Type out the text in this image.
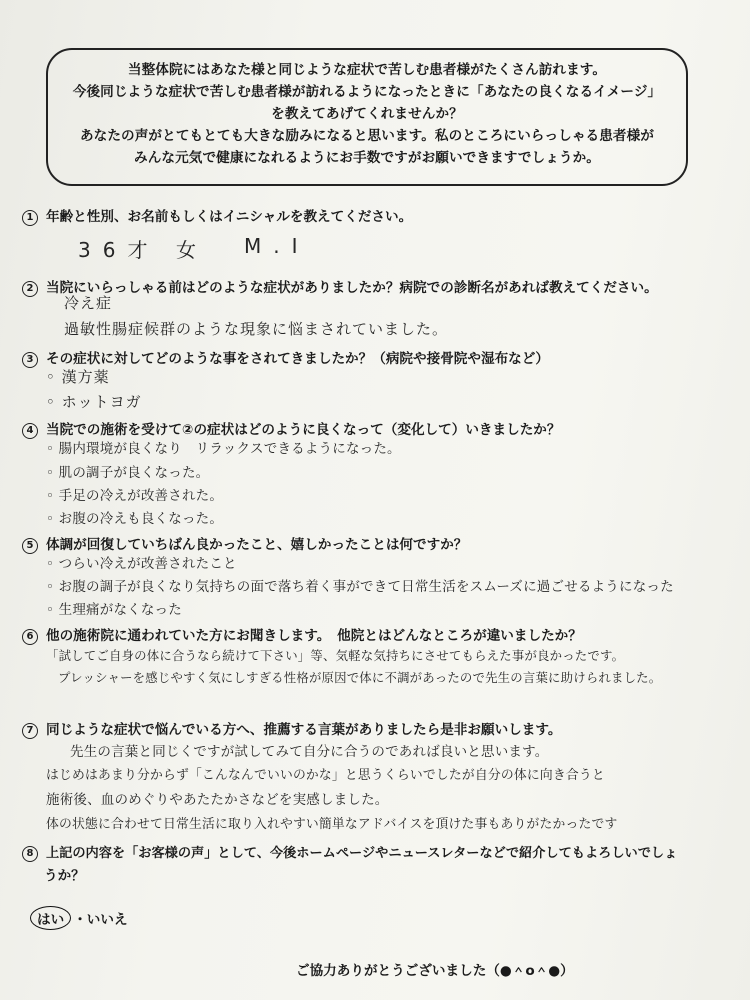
当整体院にはあなた様と同じような症状で苦しむ患者様がたくさん訪れます。
今後同じような症状で苦しむ患者様が訪れるようになったときに「あなたの良くなるイメージ」
を教えてあげてくれませんか？
あなたの声がとてもとても大きな励みになると思います。私のところにいらっしゃる患者様が
みんな元気で健康になれるようにお手数ですがお願いできますでしょうか。
1 年齢と性別、お名前もしくはイニシャルを教えてください。
36才 女 M.I
2 当院にいらっしゃる前はどのような症状がありましたか？病院での診断名があれば教えてください。
冷え症
過敏性腸症候群のような現象に悩まされていました。
3 その症状に対してどのような事をされてきましたか？（病院や接骨院や湿布など）
◦ 漢方薬
◦ ホットヨガ
4 当院での施術を受けて②の症状はどのように良くなって（変化して）いきましたか？
◦ 腸内環境が良くなり　リラックスできるようになった。
◦ 肌の調子が良くなった。
◦ 手足の冷えが改善された。
◦ お腹の冷えも良くなった。
5 体調が回復していちばん良かったこと、嬉しかったことは何ですか？
◦ つらい冷えが改善されたこと
◦ お腹の調子が良くなり気持ちの面で落ち着く事ができて日常生活をスムーズに過ごせるようになった
◦ 生理痛がなくなった
6 他の施術院に通われていた方にお聞きします。　他院とはどんなところが違いましたか？
「試してご自身の体に合うなら続けて下さい」等、気軽な気持ちにさせてもらえた事が良かったです。
プレッシャーを感じやすく気にしすぎる性格が原因で体に不調があったので先生の言葉に助けられました。
7 同じような症状で悩んでいる方へ、推薦する言葉がありましたら是非お願いします。
先生の言葉と同じくですが試してみて自分に合うのであれば良いと思います。
はじめはあまり分からず「こんなんでいいのかな」と思うくらいでしたが自分の体に向き合うと
施術後、血のめぐりやあたたかさなどを実感しました。
体の状態に合わせて日常生活に取り入れやすい簡単なアドバイスを頂けた事もありがたかったです
8 上記の内容を「お客様の声」として、今後ホームページやニュースレターなどで紹介してもよろしいでしょ
うか？
はい ・いいえ
ご協力ありがとうございました（●＾o＾●）
